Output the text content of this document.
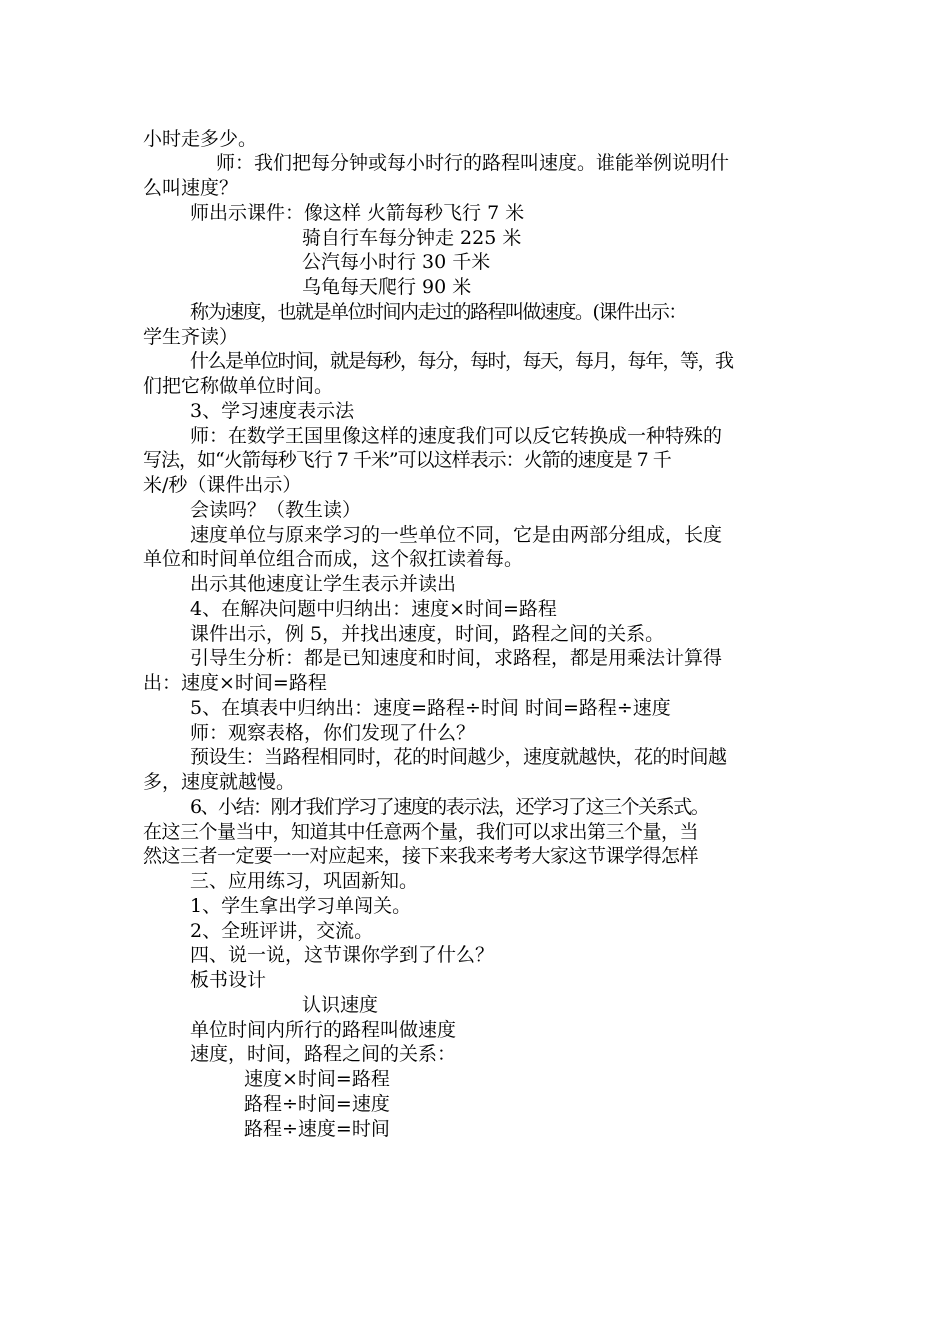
小时走多少。
师：我们把每分钟或每小时行的路程叫速度。谁能举例说明什
么叫速度？
师出示课件：像这样 火箭每秒飞行 7 米
骑自行车每分钟走 225 米
公汽每小时行 30 千米
乌龟每天爬行 90 米
称为速度，也就是单位时间内走过的路程叫做速度。(课件出示：
学生齐读）
什么是单位时间，就是每秒，每分，每时，每天，每月，每年，等，我
们把它称做单位时间。
3、学习速度表示法
师：在数学王国里像这样的速度我们可以反它转换成一种特殊的
写法，如“火箭每秒飞行 7 千米”可以这样表示：火箭的速度是 7 千
米/秒（课件出示）
会读吗？（教生读）
速度单位与原来学习的一些单位不同，它是由两部分组成，长度
单位和时间单位组合而成，这个叙扛读着每。
出示其他速度让学生表示并读出
4、在解决问题中归纳出：速度×时间=路程
课件出示，例 5，并找出速度，时间，路程之间的关系。
引导生分析：都是已知速度和时间，求路程，都是用乘法计算得
出：速度×时间=路程
5、在填表中归纳出：速度=路程÷时间 时间=路程÷速度
师：观察表格，你们发现了什么？
预设生：当路程相同时，花的时间越少，速度就越快，花的时间越
多，速度就越慢。
6、小结：刚才我们学习了速度的表示法，还学习了这三个关系式。
在这三个量当中，知道其中任意两个量，我们可以求出第三个量，当
然这三者一定要一一对应起来，接下来我来考考大家这节课学得怎样
三、应用练习，巩固新知。
1、学生拿出学习单闯关。
2、全班评讲，交流。
四、说一说，这节课你学到了什么？
板书设计
认识速度
单位时间内所行的路程叫做速度
速度，时间，路程之间的关系：
速度×时间=路程
路程÷时间=速度
路程÷速度=时间
